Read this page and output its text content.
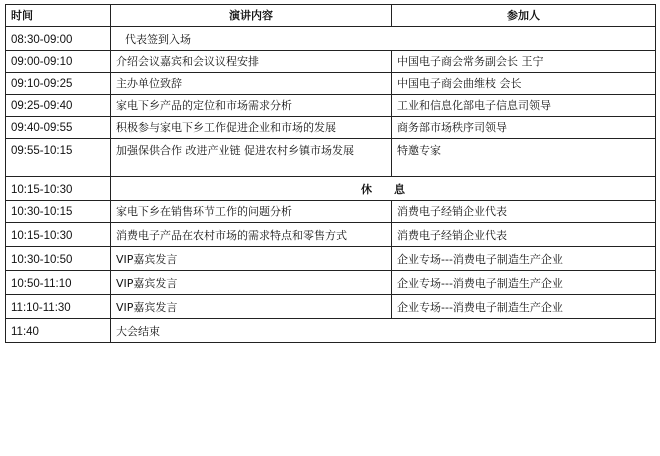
时间	演讲内容	参加人
08:30-09:00	代表签到入场	
09:00-09:10	介绍会议嘉宾和会议议程安排	中国电子商会常务副会长 王宁
09:10-09:25	主办单位致辞	中国电子商会曲维枝 会长
09:25-09:40	家电下乡产品的定位和市场需求分析	工业和信息化部电子信息司领导
09:40-09:55	积极参与家电下乡工作促进企业和市场的发展	商务部市场秩序司领导
09:55-10:15	加强保供合作 改进产业链 促进农村乡镇市场发展	特邀专家
10:15-10:30	休　　息	
10:30-10:15	家电下乡在销售环节工作的问题分析	消费电子经销企业代表
10:15-10:30	消费电子产品在农村市场的需求特点和零售方式	消费电子经销企业代表
10:30-10:50	VIP嘉宾发言	企业专场---消费电子制造生产企业
10:50-11:10	VIP嘉宾发言	企业专场---消费电子制造生产企业
11:10-11:30	VIP嘉宾发言	企业专场---消费电子制造生产企业
11:40	大会结束	
